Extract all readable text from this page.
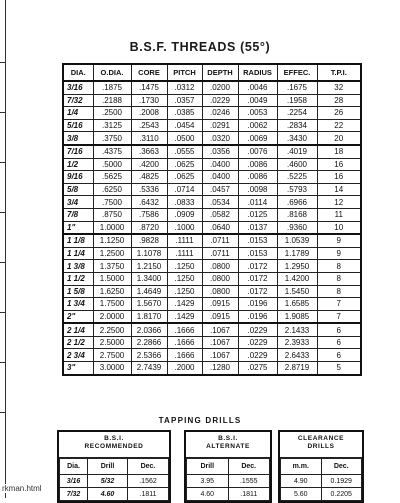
B.S.F. THREADS (55°)
DIA.	O.DIA.	CORE	PITCH	DEPTH	RADIUS	EFFEC.	T.P.I.
3/16	.1875	.1475	.0312	.0200	.0046	.1675	32
7/32	.2188	.1730	.0357	.0229	.0049	.1958	28
1/4	.2500	.2008	.0385	.0246	.0053	.2254	26
5/16	.3125	.2543	.0454	.0291	.0062	.2834	22
3/8	.3750	.3110	.0500	.0320	.0069	.3430	20
7/16	.4375	.3663	.0555	.0356	.0076	.4019	18
1/2	.5000	.4200	.0625	.0400	.0086	.4600	16
9/16	.5625	.4825	.0625	.0400	.0086	.5225	16
5/8	.6250	.5336	.0714	.0457	.0098	.5793	14
3/4	.7500	.6432	.0833	.0534	.0114	.6966	12
7/8	.8750	.7586	.0909	.0582	.0125	.8168	11
1"	1.0000	.8720	.1000	.0640	.0137	.9360	10
1 1/8	1.1250	.9828	.1111	.0711	.0153	1.0539	9
1 1/4	1.2500	1.1078	.1111	.0711	.0153	1.1789	9
1 3/8	1.3750	1.2150	.1250	.0800	.0172	1.2950	8
1 1/2	1.5000	1.3400	.1250	.0800	.0172	1.4200	8
1 5/8	1.6250	1.4649	.1250	.0800	.0172	1.5450	8
1 3/4	1.7500	1.5670	.1429	.0915	.0196	1.6585	7
2"	2.0000	1.8170	.1429	.0915	.0196	1.9085	7
2 1/4	2.2500	2.0366	.1666	.1067	.0229	2.1433	6
2 1/2	2.5000	2.2866	.1666	.1067	.0229	2.3933	6
2 3/4	2.7500	2.5366	.1666	.1067	.0229	2.6433	6
3"	3.0000	2.7439	.2000	.1280	.0275	2.8719	5
TAPPING DRILLS
B.S.I.
RECOMMENDED
Dia.	Drill	Dec.
3/16	5/32	.1562
7/32	4.60	.1811
B.S.I.
ALTERNATE
Drill	Dec.
3.95	.1555
4.60	.1811
CLEARANCE
DRILLS
m.m.	Dec.
4.90	0.1929
5.60	0.2205
rkman.html
